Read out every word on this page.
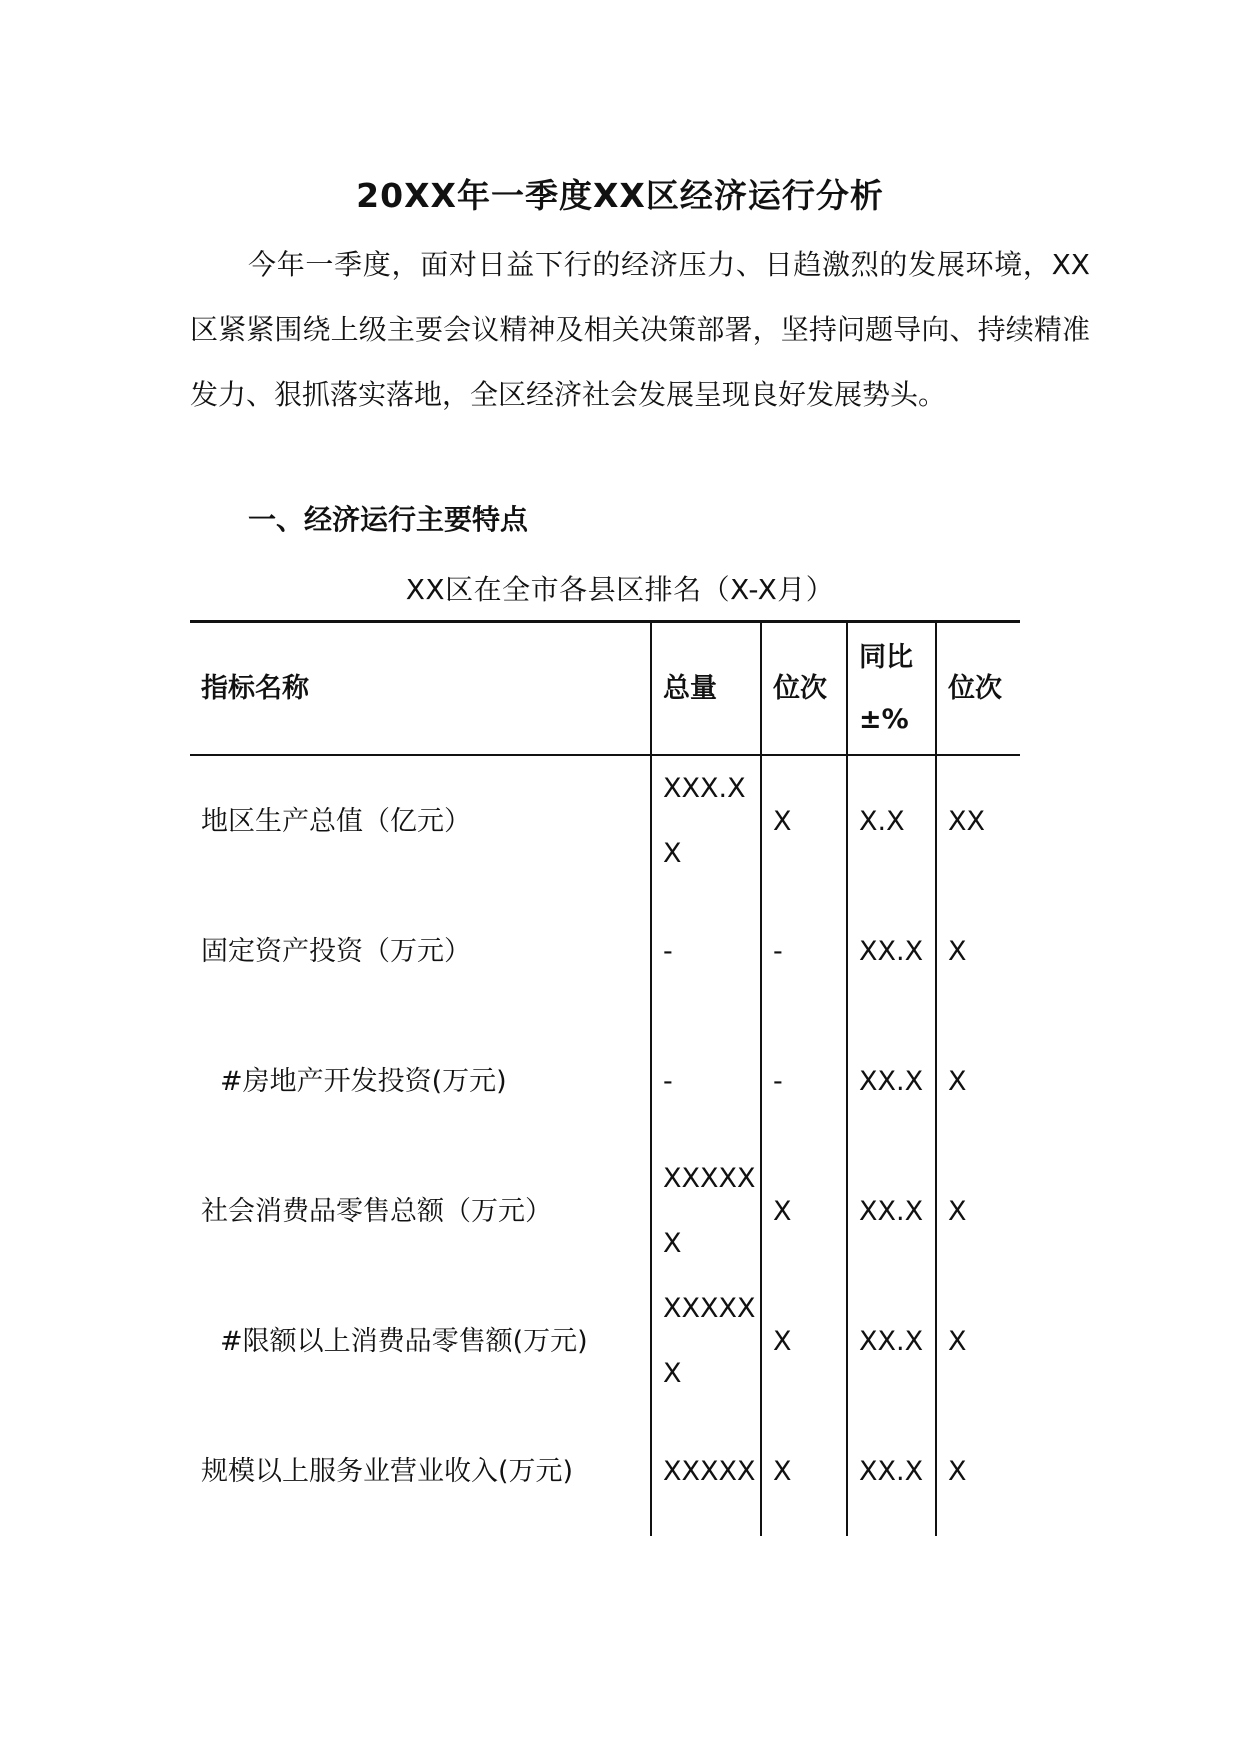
20XX年一季度XX区经济运行分析

今年一季度，面对日益下行的经济压力、日趋激烈的发展环境，XX区紧紧围绕上级主要会议精神及相关决策部署，坚持问题导向、持续精准发力、狠抓落实落地，全区经济社会发展呈现良好发展势头。

一、经济运行主要特点

XX区在全市各县区排名（X-X月）
指标名称	总量	位次	同比±%	位次
地区生产总值（亿元）	XXX.XX	X	X.X	XX
固定资产投资（万元）	-	-	XX.X	X
#房地产开发投资(万元)	-	-	XX.X	X
社会消费品零售总额（万元）	XXXXXX	X	XX.X	X
#限额以上消费品零售额(万元)	XXXXXX	X	XX.X	X
规模以上服务业营业收入(万元)	XXXXX	X	XX.X	X
